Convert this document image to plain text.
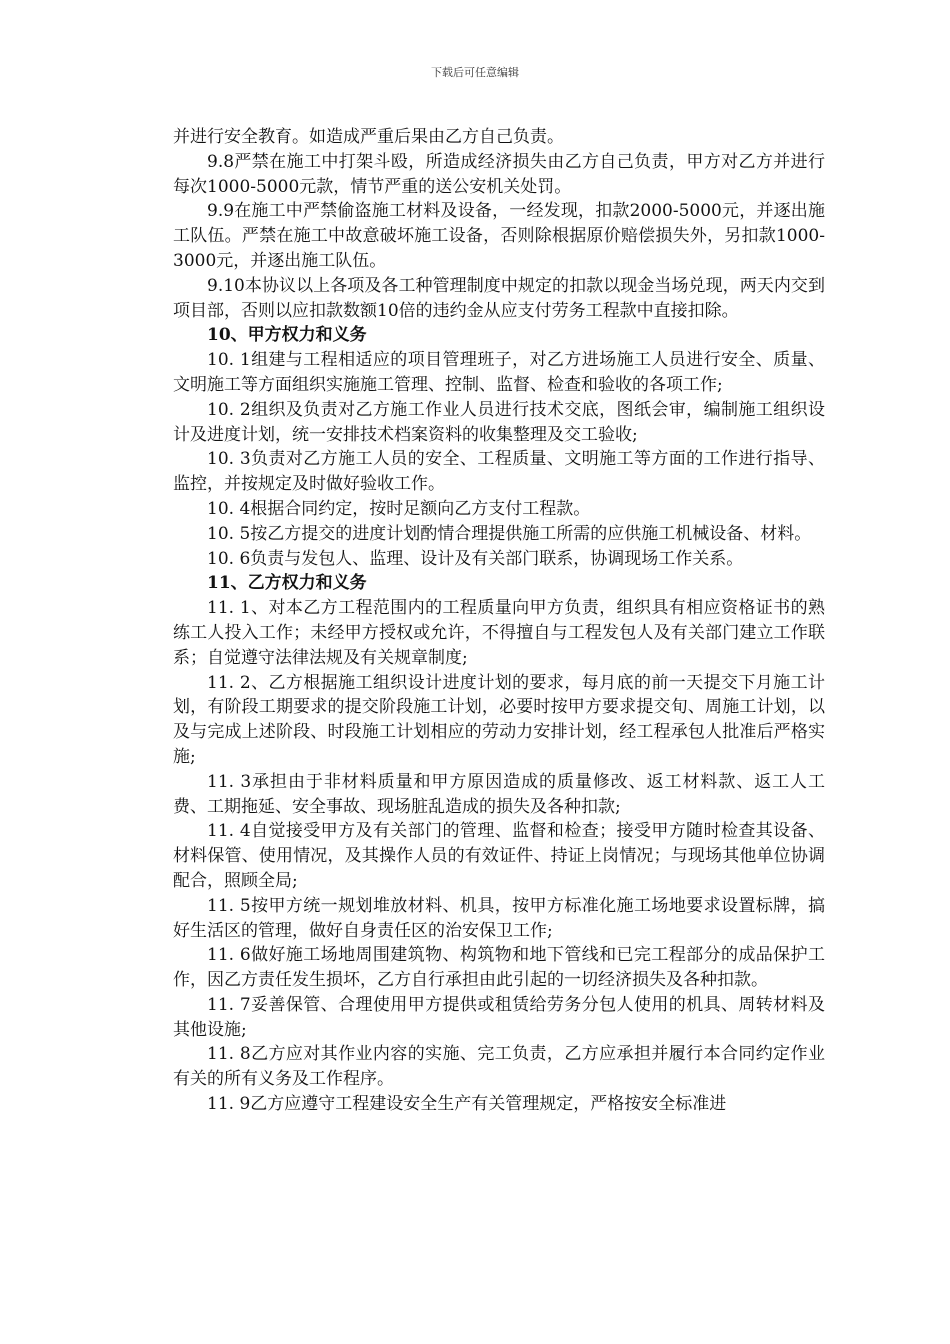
下载后可任意编辑

并进行安全教育。如造成严重后果由乙方自己负责。

9.8严禁在施工中打架斗殴，所造成经济损失由乙方自己负责，甲方对乙方并进行每次1000-5000元款，情节严重的送公安机关处罚。

9.9在施工中严禁偷盗施工材料及设备，一经发现，扣款2000-5000元，并逐出施工队伍。严禁在施工中故意破坏施工设备，否则除根据原价赔偿损失外，另扣款1000-3000元，并逐出施工队伍。

9.10本协议以上各项及各工种管理制度中规定的扣款以现金当场兑现，两天内交到项目部，否则以应扣款数额10倍的违约金从应支付劳务工程款中直接扣除。

10、甲方权力和义务

10. 1组建与工程相适应的项目管理班子，对乙方进场施工人员进行安全、质量、文明施工等方面组织实施施工管理、控制、监督、检查和验收的各项工作;

10. 2组织及负责对乙方施工作业人员进行技术交底，图纸会审，编制施工组织设计及进度计划，统一安排技术档案资料的收集整理及交工验收;

10. 3负责对乙方施工人员的安全、工程质量、文明施工等方面的工作进行指导、监控，并按规定及时做好验收工作。

10. 4根据合同约定，按时足额向乙方支付工程款。

10. 5按乙方提交的进度计划酌情合理提供施工所需的应供施工机械设备、材料。

10. 6负责与发包人、监理、设计及有关部门联系，协调现场工作关系。

11、乙方权力和义务

11. 1、对本乙方工程范围内的工程质量向甲方负责，组织具有相应资格证书的熟练工人投入工作；未经甲方授权或允许，不得擅自与工程发包人及有关部门建立工作联系；自觉遵守法律法规及有关规章制度;

11. 2、乙方根据施工组织设计进度计划的要求，每月底的前一天提交下月施工计划，有阶段工期要求的提交阶段施工计划，必要时按甲方要求提交旬、周施工计划，以及与完成上述阶段、时段施工计划相应的劳动力安排计划，经工程承包人批准后严格实施;

11. 3承担由于非材料质量和甲方原因造成的质量修改、返工材料款、返工人工费、工期拖延、安全事故、现场脏乱造成的损失及各种扣款;

11. 4自觉接受甲方及有关部门的管理、监督和检查；接受甲方随时检查其设备、材料保管、使用情况，及其操作人员的有效证件、持证上岗情况；与现场其他单位协调配合，照顾全局;

11. 5按甲方统一规划堆放材料、机具，按甲方标准化施工场地要求设置标牌，搞好生活区的管理，做好自身责任区的治安保卫工作;

11. 6做好施工场地周围建筑物、构筑物和地下管线和已完工程部分的成品保护工作，因乙方责任发生损坏，乙方自行承担由此引起的一切经济损失及各种扣款。

11. 7妥善保管、合理使用甲方提供或租赁给劳务分包人使用的机具、周转材料及其他设施;

11. 8乙方应对其作业内容的实施、完工负责，乙方应承担并履行本合同约定作业有关的所有义务及工作程序。

11. 9乙方应遵守工程建设安全生产有关管理规定，严格按安全标准进
